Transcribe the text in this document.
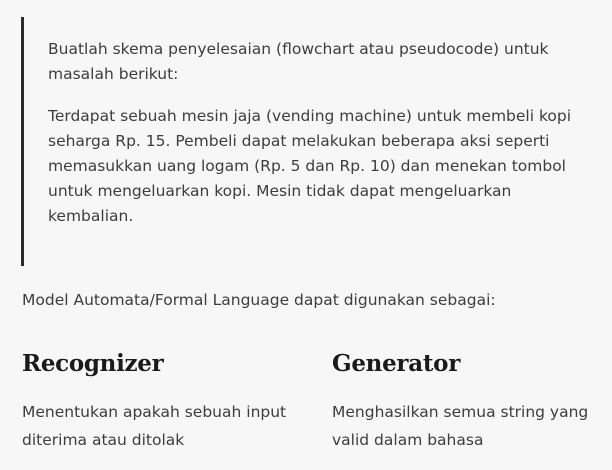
Buatlah skema penyelesaian (flowchart atau pseudocode) untuk masalah berikut:

Terdapat sebuah mesin jaja (vending machine) untuk membeli kopi seharga Rp. 15. Pembeli dapat melakukan beberapa aksi seperti memasukkan uang logam (Rp. 5 dan Rp. 10) dan menekan tombol untuk mengeluarkan kopi. Mesin tidak dapat mengeluarkan kembalian.

Model Automata/Formal Language dapat digunakan sebagai:

Recognizer

Menentukan apakah sebuah input diterima atau ditolak

Generator

Menghasilkan semua string yang valid dalam bahasa
